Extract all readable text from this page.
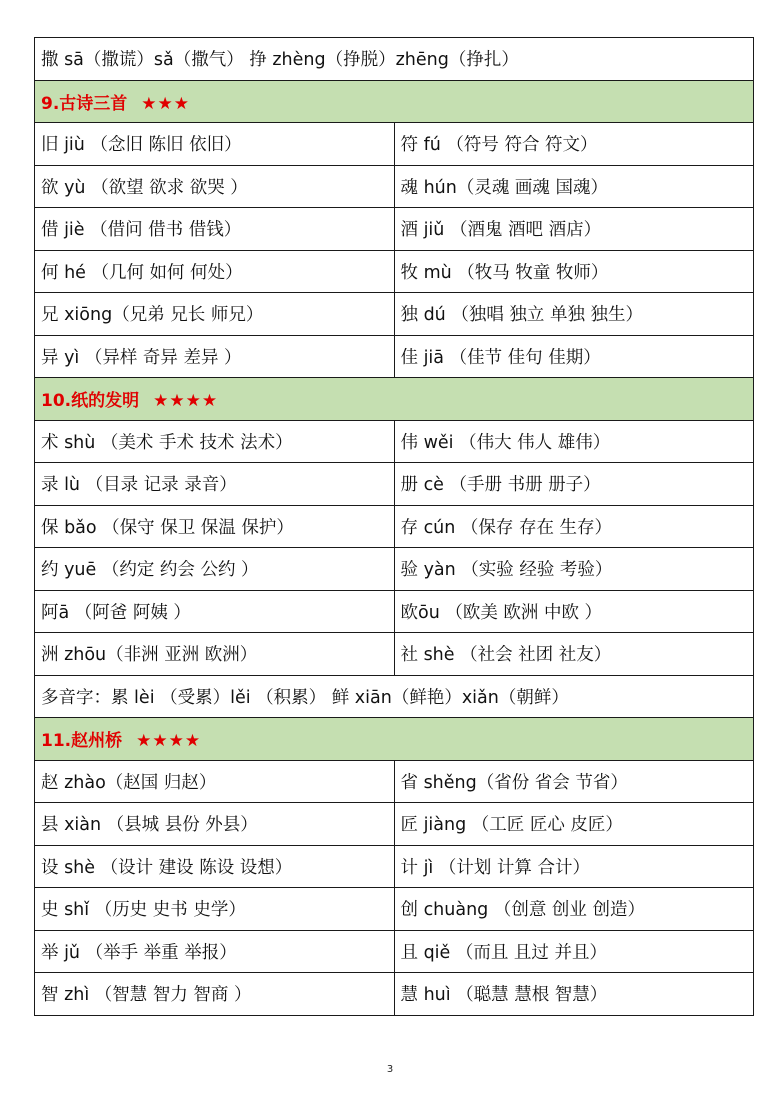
撒 sā（撒谎）sǎ（撒气） 挣 zhèng（挣脱）zhēng（挣扎）	
9.古诗三首 ★★★	
旧 jiù （念旧 陈旧 依旧）	符 fú （符号 符合 符文）
欲 yù （欲望 欲求 欲哭 ）	魂 hún（灵魂 画魂 国魂）
借 jiè （借问 借书 借钱）	酒 jiǔ （酒鬼 酒吧 酒店）
何 hé （几何 如何 何处）	牧 mù （牧马 牧童 牧师）
兄 xiōng（兄弟 兄长 师兄）	独 dú （独唱 独立 单独 独生）
异 yì （异样 奇异 差异 ）	佳 jiā （佳节 佳句 佳期）
10.纸的发明 ★★★★	
术 shù （美术 手术 技术 法术）	伟 wěi （伟大 伟人 雄伟）
录 lù （目录 记录 录音）	册 cè （手册 书册 册子）
保 bǎo （保守 保卫 保温 保护）	存 cún （保存 存在 生存）
约 yuē （约定 约会 公约 ）	验 yàn （实验 经验 考验）
阿ā （阿爸 阿姨 ）	欧ōu （欧美 欧洲 中欧 ）
洲 zhōu（非洲 亚洲 欧洲）	社 shè （社会 社团 社友）
多音字：累 lèi （受累）lěi （积累） 鲜 xiān（鲜艳）xiǎn（朝鲜）	
11.赵州桥 ★★★★	
赵 zhào（赵国 归赵）	省 shěng（省份 省会 节省）
县 xiàn （县城 县份 外县）	匠 jiàng （工匠 匠心 皮匠）
设 shè （设计 建设 陈设 设想）	计 jì （计划 计算 合计）
史 shǐ （历史 史书 史学）	创 chuàng （创意 创业 创造）
举 jǔ （举手 举重 举报）	且 qiě （而且 且过 并且）
智 zhì （智慧 智力 智商 ）	慧 huì （聪慧 慧根 智慧）
3
